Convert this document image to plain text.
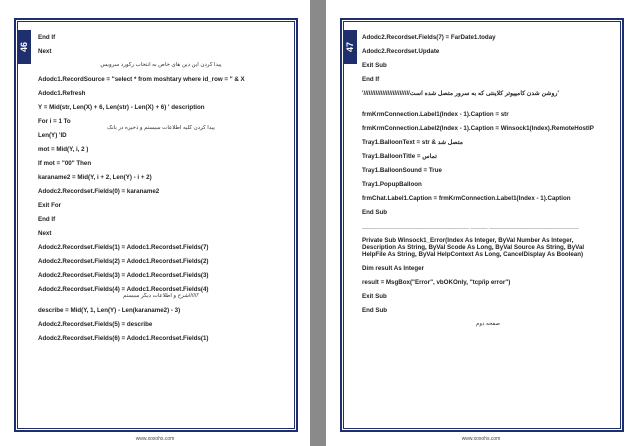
46

End If

Next

پیدا کردن این دین های خاص به انتخاب رکورد سرویس

Adodc1.RecordSource = "select * from moshtary where id_row = " & X

Adodc1.Refresh

Y = Mid(str, Len(X) + 6, Len(str) - Len(X) + 6) ' description

For i = 1 To

پیدا کردن کلیه اطلاعات سیستم و ذخیره در بانک

Len(Y) 'ID

mot = Mid(Y, i, 2 )

If mot = "00" Then

karaname2 = Mid(Y, i + 2, Len(Y) - i + 2)

Adodc2.Recordset.Fields(0) = karaname2

Exit For

End If

Next

Adodc2.Recordset.Fields(1) = Adodc1.Recordset.Fields(7)

Adodc2.Recordset.Fields(2) = Adodc1.Recordset.Fields(2)

Adodc2.Recordset.Fields(3) = Adodc1.Recordset.Fields(3)

Adodc2.Recordset.Fields(4) = Adodc1.Recordset.Fields(4)

'//////شرح و اطلاعات دیگر سیستم

describe = Mid(Y, 1, Len(Y) - Len(karaname2) - 3)

Adodc2.Recordset.Fields(5) = describe

Adodc2.Recordset.Fields(6) = Adodc1.Recordset.Fields(1)

www.xoxohs.com
47

Adodc2.Recordset.Fields(7) = FarDate1.today

Adodc2.Recordset.Update

Exit Sub

End If

'///////////////////////////روشن شدن کامپیوتر کلاینتی که به سرور متصل شده است'

frmKrmConnection.Label1(Index - 1).Caption = str

frmKrmConnection.Label2(Index - 1).Caption = Winsock1(Index).RemoteHostIP

Tray1.BalloonText = str & متصل شد

Tray1.BalloonTitle = تماس

Tray1.BalloonSound = True

Tray1.PopupBalloon

frmChat.Label1.Caption = frmKrmConnection.Label1(Index - 1).Caption

End Sub

_______________________________ _____ __________________________

Private Sub Winsock1_Error(Index As Integer, ByVal Number As Integer,

Description As String, ByVal Scode As Long, ByVal Source As String, ByVal

HelpFile As String, ByVal HelpContext As Long, CancelDisplay As Boolean)

Dim result As Integer

result = MsgBox("Error", vbOKOnly, "tcp/ip error")

Exit Sub

End Sub

صفحه دوم

www.xoxohs.com
